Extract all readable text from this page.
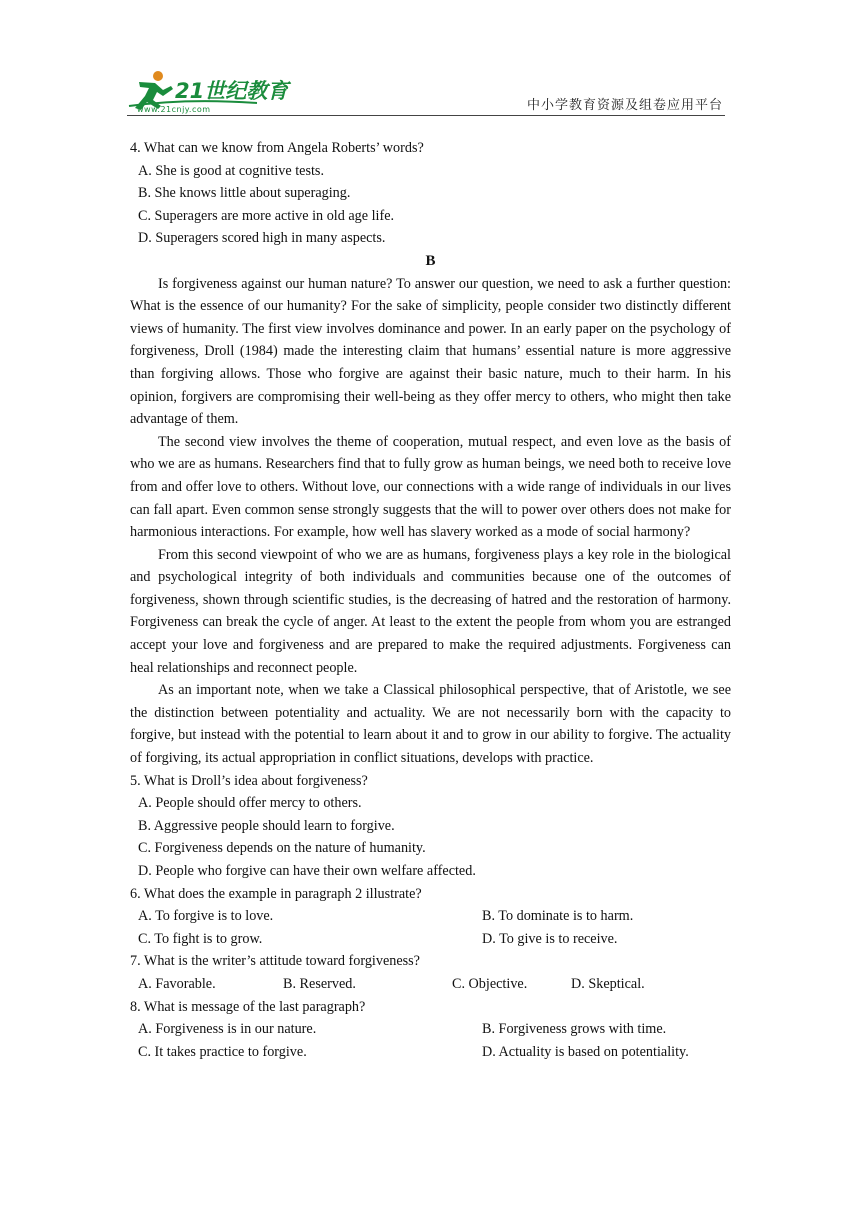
21世纪教育
www.21cnjy.com	中小学教育资源及组卷应用平台
4. What can we know from Angela Roberts’ words?
A. She is good at cognitive tests.
B. She knows little about superaging.
C. Superagers are more active in old age life.
D. Superagers scored high in many aspects.
B
Is forgiveness against our human nature? To answer our question, we need to ask a further question: What is the essence of our humanity? For the sake of simplicity, people consider two distinctly different views of humanity. The first view involves dominance and power. In an early paper on the psychology of forgiveness, Droll (1984) made the interesting claim that humans’ essential nature is more aggressive than forgiving allows. Those who forgive are against their basic nature, much to their harm. In his opinion, forgivers are compromising their well-being as they offer mercy to others, who might then take advantage of them.
The second view involves the theme of cooperation, mutual respect, and even love as the basis of who we are as humans. Researchers find that to fully grow as human beings, we need both to receive love from and offer love to others. Without love, our connections with a wide range of individuals in our lives can fall apart. Even common sense strongly suggests that the will to power over others does not make for harmonious interactions. For example, how well has slavery worked as a mode of social harmony?
From this second viewpoint of who we are as humans, forgiveness plays a key role in the biological and psychological integrity of both individuals and communities because one of the outcomes of forgiveness, shown through scientific studies, is the decreasing of hatred and the restoration of harmony. Forgiveness can break the cycle of anger. At least to the extent the people from whom you are estranged accept your love and forgiveness and are prepared to make the required adjustments. Forgiveness can heal relationships and reconnect people.
As an important note, when we take a Classical philosophical perspective, that of Aristotle, we see the distinction between potentiality and actuality. We are not necessarily born with the capacity to forgive, but instead with the potential to learn about it and to grow in our ability to forgive. The actuality of forgiving, its actual appropriation in conflict situations, develops with practice.
5. What is Droll’s idea about forgiveness?
A. People should offer mercy to others.
B. Aggressive people should learn to forgive.
C. Forgiveness depends on the nature of humanity.
D. People who forgive can have their own welfare affected.
6. What does the example in paragraph 2 illustrate?
A. To forgive is to love.	B. To dominate is to harm.
C. To fight is to grow.	D. To give is to receive.
7. What is the writer’s attitude toward forgiveness?
A. Favorable.	B. Reserved.	C. Objective.	D. Skeptical.
8. What is message of the last paragraph?
A. Forgiveness is in our nature.	B. Forgiveness grows with time.
C. It takes practice to forgive.	D. Actuality is based on potentiality.
